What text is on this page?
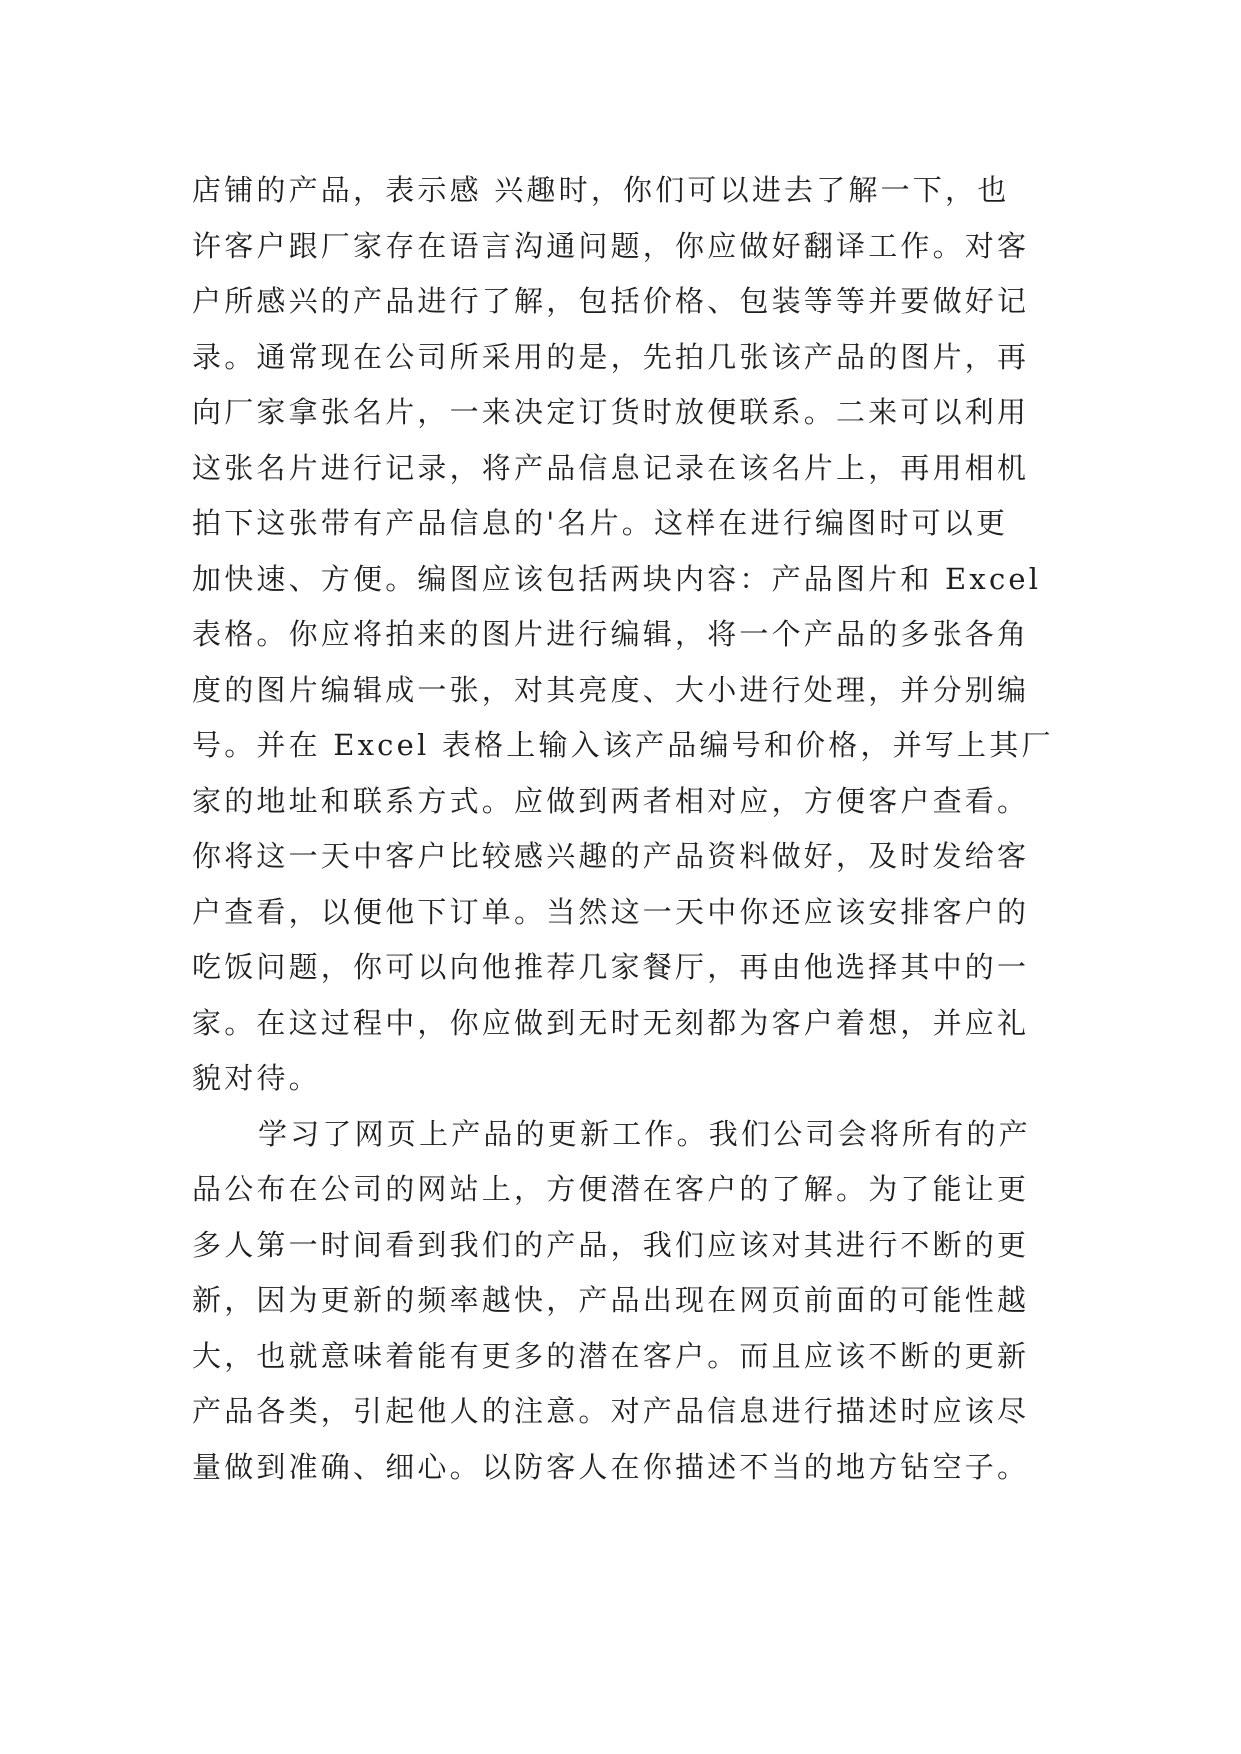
店铺的产品，表示感 兴趣时，你们可以进去了解一下，也
许客户跟厂家存在语言沟通问题，你应做好翻译工作。对客
户所感兴的产品进行了解，包括价格、包装等等并要做好记
录。通常现在公司所采用的是，先拍几张该产品的图片，再
向厂家拿张名片，一来决定订货时放便联系。二来可以利用
这张名片进行记录，将产品信息记录在该名片上，再用相机
拍下这张带有产品信息的'名片。这样在进行编图时可以更
加快速、方便。编图应该包括两块内容：产品图片和 Excel
表格。你应将拍来的图片进行编辑，将一个产品的多张各角
度的图片编辑成一张，对其亮度、大小进行处理，并分别编
号。并在 Excel 表格上输入该产品编号和价格，并写上其厂
家的地址和联系方式。应做到两者相对应，方便客户查看。
你将这一天中客户比较感兴趣的产品资料做好，及时发给客
户查看，以便他下订单。当然这一天中你还应该安排客户的
吃饭问题，你可以向他推荐几家餐厅，再由他选择其中的一
家。在这过程中，你应做到无时无刻都为客户着想，并应礼
貌对待。
学习了网页上产品的更新工作。我们公司会将所有的产
品公布在公司的网站上，方便潜在客户的了解。为了能让更
多人第一时间看到我们的产品，我们应该对其进行不断的更
新，因为更新的频率越快，产品出现在网页前面的可能性越
大，也就意味着能有更多的潜在客户。而且应该不断的更新
产品各类，引起他人的注意。对产品信息进行描述时应该尽
量做到准确、细心。以防客人在你描述不当的地方钻空子。
